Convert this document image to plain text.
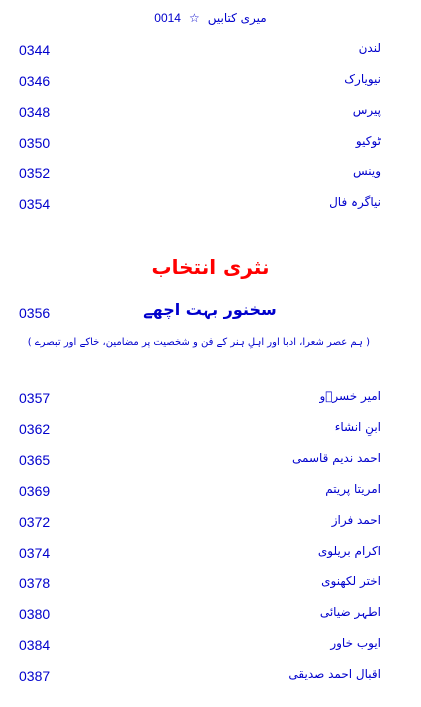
0014 ☆ میری کتابیں
0344	لندن
0346	نیویارک
0348	پیرس
0350	ٹوکیو
0352	وینس
0354	نیاگرہ فال
نثری انتخاب
0356	سخنور بہت اچھے
( ہم عصر شعرا، ادبا اور اہلِ ہنر کے فن و شخصیت پر مضامین، خاکے اور تبصرے )
0357	امیر خسرؔو
0362	ابنِ انشاء
0365	احمد ندیم قاسمی
0369	امریتا پریتم
0372	احمد فراز
0374	اکرام بریلوی
0378	اختر لکھنوی
0380	اطہر ضیائی
0384	ایوب خاور
0387	اقبال احمد صدیقی
